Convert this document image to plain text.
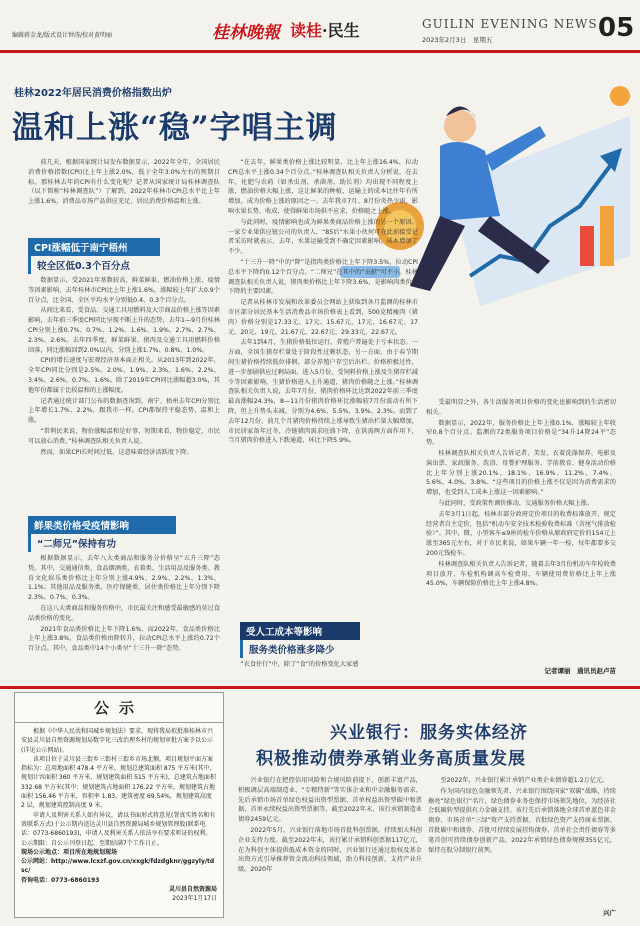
编辑蒋金龙/版式设计钟涛/校对黄明丽	桂林晚報 读桂·民生	GUILIN EVENING NEWS
2023年2月3日　星期五	05
桂林2022年居民消费价格指数出炉
温和上涨“稳”字唱主调

前几天，根据国家统计局发布数据显示，2022年全年，全国居民消费价格指数(CPI)比上年上涨2.0%，低于全年3.0%左右的预期目标。那桂林去年的CPI有什么变化呢？记者从国家统计局桂林调查队（以下简称“桂林调查队”）了解到，2022年桂林市CPI总水平比上年上涨1.6%，消费品市场产品供应充足，居民消费价格温和上涨。

CPI涨幅低于南宁梧州
较全区低0.3个百分点

数据显示，受2021年基数较高，鲜菜鲜果、燃油价格上涨，疫情等因素影响，去年桂林市CPI比上年上涨1.6%，涨幅较上年扩大0.9个百分点，比全国、全区平均水平分别低0.4、0.3个百分点。

从间比来看，受食品、交通工具用燃料及大宗商品价格上涨等因素影响，去年前三季度CPI同比呈现不断上升的态势，去年1—9月份桂林CPI分别上涨0.7%、0.7%、1.2%、1.6%、1.9%、2.7%、2.7%、2.3%、2.6%，去年四季度，鲜菜鲜果、猪肉及交通工具用燃料价格回落，同比涨幅回到2.0%以内，分别上涨1.7%、0.8%、1.0%。

CPI的增长速度与宏观经济基本面正相关。从2013年到2022年，全年CPI同比分别是2.5%、2.0%、1.9%、2.3%、1.6%、2.2%、3.4%、2.6%、0.7%、1.6%。除了2019年CPI同比涨幅超3.0%，其他年份都属于比较温和的上涨幅度。

记者通过统计部门公布的数据查询到，南宁、梧州去年CPI分别比上年增长1.7%、2.2%，跟我市一样，CPI都保持平稳态势，温和上涨。

“常利民来说，物价涨幅温和是好事，短期来看，物价稳定，市民可以放心消费。”桂林调查队相关负责人说。

然而，如果CPI长时间过低，这意味着经济活跃度下降。

鲜果类价格受疫情影响
“二师兄”保持有功

根据数据显示，去年八大类商品和服务分价格呈“五升三降”态势。其中，交通通信类、食品烟酒类、衣着类、生活用品及服务类、教育文化娱乐类价格比上年分别上涨4.9%、2.9%、2.2%、1.3%、1.1%；其他用品及服务类、医疗保健类、居住类价格比上年分别下降2.3%、0.7%、0.3%。

在这八大类商品和服务价格中，市民最关注和感受最敏感的莫过食品类价格的变化。

2021年食品类价格比上年下降1.6%，而2022年，食品类价格比上年上涨3.8%，食品类价格由降转升，拉动CPI总水平上涨约0.72个百分点。其中，食品类中14个小类呈“十三升一降”态势。

“在去年，鲜果类价格上涨比较明显，比上年上涨16.4%，拉动CPI总水平上涨0.34个百分点。”桂林调查队相关负责人分析说，在去年，化肥与农药（如杀虫剂、杀菌剂、助长剂）均出现不同程度上涨，燃油价格大幅上涨，这让鲜果的种植、运输上的成本比往年有所增加，成为价格上涨的原因之一。去年我市7月、8月份炎热少雨，影响水果长势、收成，使得鲜果市场供不应求，价格随之上涨。

与此同时，疫情影响也成为鲜果类商品价格上涨的另一个原因。一家专业果供应链公司的负责人、“85后”水果小伙何可在此前接受记者采访时就表示，去年，水果运输受到不确定因素影响，成本增加了不少。

“十三升一降”中的“降”是指肉类价格比上年下降3.5%，拉动CPI总水平下降约0.12个百分点。“二师兄”在其中的“贡献”可不小。桂林调查队相关负责人说，猪肉类价格比上年下降3.6%，是影响肉类价格下降的主要因素。

记者从桂林市发展和改革委员会网站上获取到各月监测的桂林市市区部分居民基本生活消费品市场价格表上看到，500克精瘦肉（猪肉）价格分别是17.33元、17元、15.67元、17元、16.67元、17元、20元、19元、21.67元、22.67元、29.33元、22.67元。

去年1到4月，生猪价格低位运行，养殖户普遍处于亏本状态。一方面，全国生猪存栏量处于阶段性过剩状态，另一方面，由于春节期间生猪价格持续低位徘徊，部分养殖户存空后出栏。价格积极过性，进一步加剧供应过剩局面。进入5月份，受饲料价格上涨及生猪存栏减少等因素影响，生猪价格进入上升通道，猪肉价格随之上涨。”桂林调查队相关负责人说，去年7月份，猪肉价格环比达到2022年前三季度最高涨幅24.3%，8—11月份猪肉价格环比涨幅较7月份波动有所下降，但上升势头未减，分别为4.6%、5.5%、3.9%、2.3%。而到了去年12月份，前几个月猪肉价格持续上涨导致生猪出栏量大幅增加，市民居家备年过冬，冷链猪肉需求旺盛下降，在供需两方面作用下，当月猪肉价格进入下跌通道，环比下降5.9%。

受人工成本等影响
服务类价格涨多降少

“衣食住行”中，除了“食”的价格变化大家感

受最明显之外，各生活服务项目价格的变化也影响到的生活密切相关。

数据显示，2022年，服务价格比上年上涨0.1%，涨幅较上年收窄0.8个百分点。监测的72类服务项目价格是“34升14降24平”态势。

桂林调查队相关负责人告诉记者，美发、衣着洗涤保养、电影及演出票、家政服务、洗浴、母婴护理服务、学前教育、健身活动价格比上年分别上涨20.1%、18.1%、16.9%、11.2%、7.4%、5.6%、4.0%、3.8%。“这些项目的价格上涨不仅是因为消费需求的增加，也受到人工成本上涨这一因素影响。”

与此同时，受政策性调价推动，交通服务价格大幅上涨。

去年3月1日起，桂林市部分政府定价项目的收费标准放开，规定经营者自主定价，包括“机动车安全技术检验收费标准（含尾气排放检验）”。其中，微、小型客车≤9座的检车价格从原政府定价的154元上涨至365元左右，对于市民来说，如果车辆一年一检，每年都要多交200元钱检车。

桂林调查队相关负责人告诉记者，随着去年3月份机动车年检收费项目放开，车检机构调高车检费用，车辆使用费价格比上年上涨45.0%，车辆保险价格比上年上涨4.8%。

记者谭丽　通讯员赵卢苗
公示

根据《中华人民共和国城乡规划法》要求，现将我局拟批准桂林市兴安县灵川县自然资源规划局数字化三改治理乡村的规划审批方案予以公示(详见公示网站)。

该项目位于灵川县三街乡三街村三街乡市场北侧，项目规划平面方案指标为：总用地面积 478.4 平方米，规划总建筑面积 875 平方米(其中，规划计容面积 360 平方米，规划建筑面积 515 平方米)，总建筑占地面积 332.68 平方米(其中：规划建筑占地面积 176.22 平方米，规划建筑占地面积 156.46 平方米，容积率 1.83，建筑密度 69.54%，规划建筑高度 2 层，规划建筑控制高度 9 米。

申请人及利害关系人如有异议，请以书面形式将意见(署真实姓名和有效联系方式)于公示期内送达灵川县自然资源局城乡规划管理股(联系电话：0773-6860193)，申请人及利害关系人依法享有要求听证的权利。

公示期限：自公示刊登日起，至期结满7个工作日止。
现场公示地点：项目所在地规划现场
公示网站：http://www.lcxzf.gov.cn/xxgk/fdzdgknr/ggzyly/tdsc/
咨询电话：0773-6860193

灵川县自然资源局

2023年1月17日

兴业银行：服务实体经济
积极推动债券承销业务高质量发展

兴业银行在把控信用风险和合规风险前提下，创新丰富产品，积极调层高端制造业、“专精特新”等实体企业和中金融服务需求，先后承销市场首单绿色权益出资型票据、首单权益出资型碳中和票据、首单永续权益出资型票据等，截至2022年末，该行承销制造业债券2459亿元。

2022年5月，兴业银行落地市场首批科创票据，持续加大科创企业支持力度。截至2022年末，该行累计承销科创票据117亿元，在为科创主体提供低成本资金的同时，兴业银行还通过股权及基金出资方式引导推荐资金流动科技领域，助力科技创新，支持产业升级。2020年

至2022年，兴业银行累计承销产业类企业债券超1.2万亿元。

作为国内绿色金融领先者，兴业银行围绕国家“双碳”战略，持续擦亮“绿色银行”名片，绿色债券业务也保持市场领先地位，为经济社会低碳转型提供有力金融支持。该行先后承销落地全球首单蓝色非金债券、市场首单“三绿”资产支持票据、首批绿色资产支持商业票据、首批碳中和债券、首批可持续发展挂钩债券、首单社会责任债券等多笔首创可持续债券创新产品，2022年承销绿色债券规模355亿元，保持在股分制银行前列。

兴广
